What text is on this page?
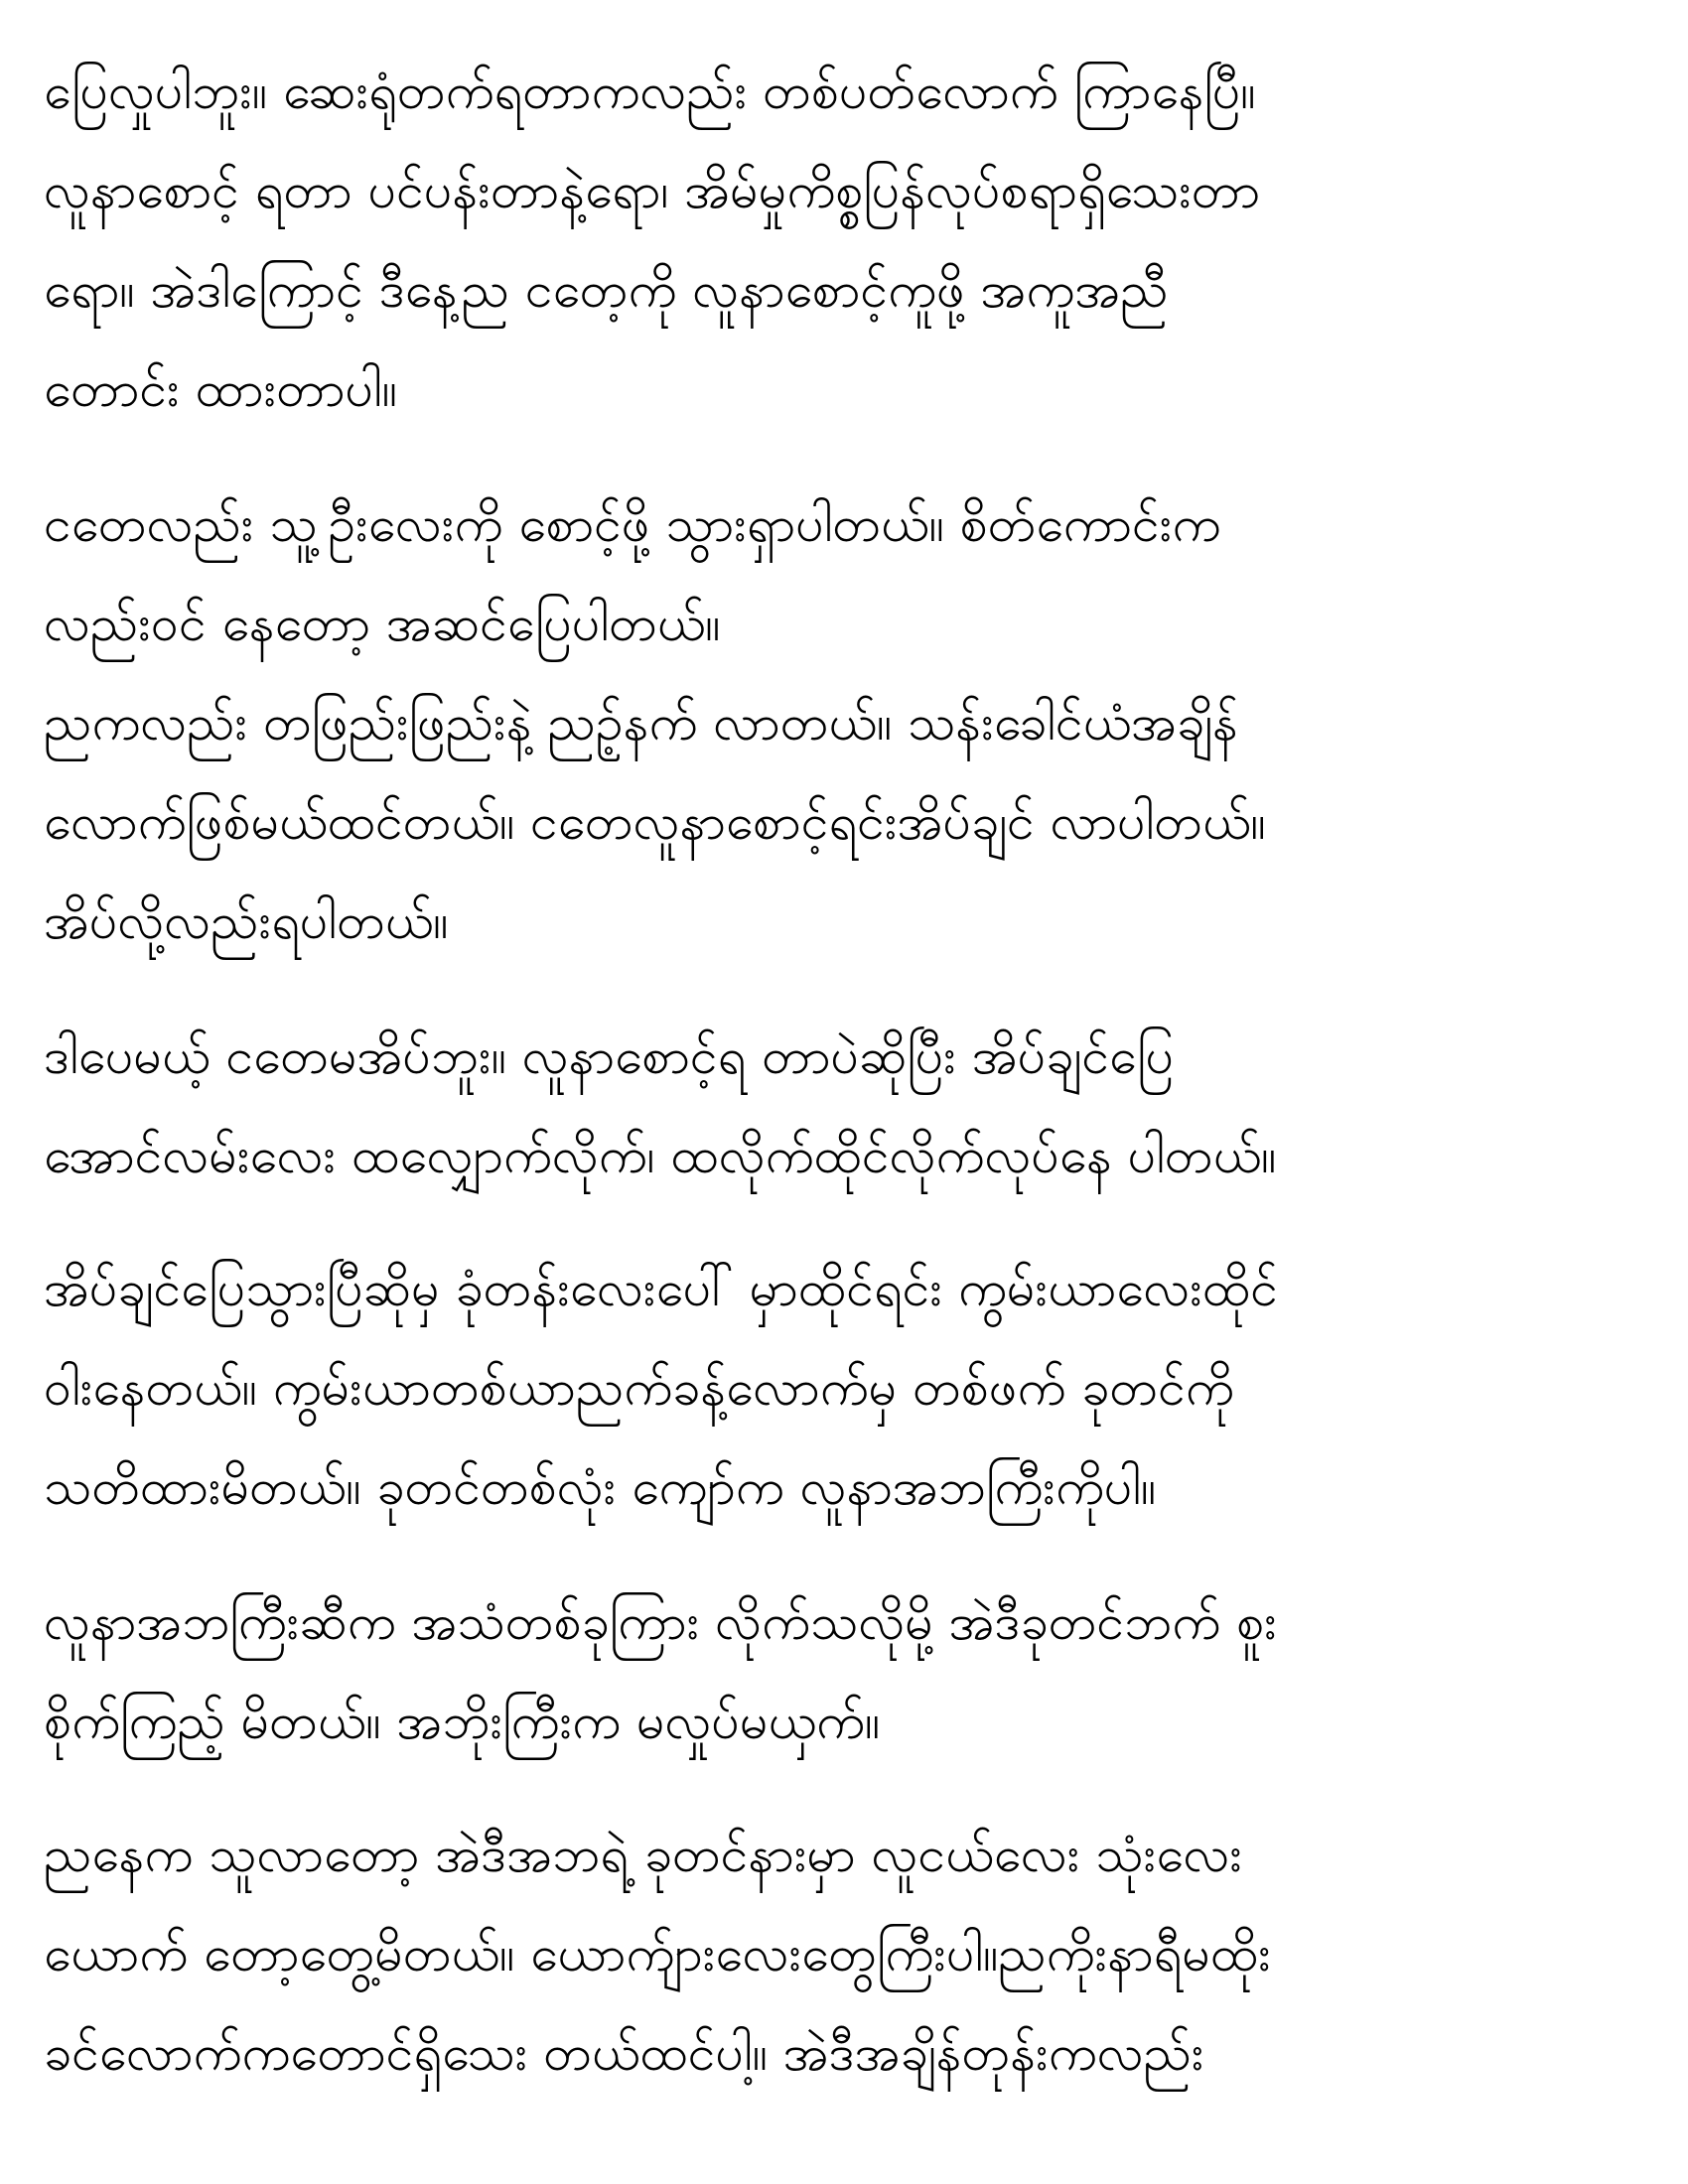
ပြေလှုပါဘူး။ ဆေးရုံတက်ရတာကလည်း တစ်ပတ်လောက် ကြာနေပြီ။
လူနာစောင့် ရတာ ပင်ပန်းတာနဲ့ရော၊ အိမ်မှုကိစ္စပြန်လုပ်စရာရှိသေးတာ
ရော။ အဲဒါကြောင့် ဒီနေ့ည ငတေ့ကို လူနာစောင့်ကူဖို့ အကူအညီ
တောင်း ထားတာပါ။
ငတေလည်း သူ့ဦးလေးကို စောင့်ဖို့ သွားရှာပါတယ်။ စိတ်ကောင်းက
လည်းဝင် နေတော့ အဆင်ပြေပါတယ်။
ညကလည်း တဖြည်းဖြည်းနဲ့ ညဥ့်နက် လာတယ်။ သန်းခေါင်ယံအချိန်
လောက်ဖြစ်မယ်ထင်တယ်။ ငတေလူနာစောင့်ရင်းအိပ်ချင် လာပါတယ်။
အိပ်လို့လည်းရပါတယ်။
ဒါပေမယ့် ငတေမအိပ်ဘူး။ လူနာစောင့်ရ တာပဲဆိုပြီး အိပ်ချင်ပြေ
အောင်လမ်းလေး ထလျှောက်လိုက်၊ ထလိုက်ထိုင်လိုက်လုပ်နေ ပါတယ်။
အိပ်ချင်ပြေသွားပြီဆိုမှ ခုံတန်းလေးပေါ် မှာထိုင်ရင်း ကွမ်းယာလေးထိုင်
ဝါးနေတယ်။ ကွမ်းယာတစ်ယာညက်ခန့်လောက်မှ တစ်ဖက် ခုတင်ကို
သတိထားမိတယ်။ ခုတင်တစ်လုံး ကျော်က လူနာအဘကြီးကိုပါ။
လူနာအဘကြီးဆီက အသံတစ်ခုကြား လိုက်သလိုမို့ အဲဒီခုတင်ဘက် စူး
စိုက်ကြည့် မိတယ်။ အဘိုးကြီးက မလှုပ်မယှက်။
ညနေက သူလာတော့ အဲဒီအဘရဲ့ ခုတင်နားမှာ လူငယ်လေး သုံးလေး
ယောက် တော့တွေ့မိတယ်။ ယောက်ျားလေးတွေကြီးပါ။ညကိုးနာရီမထိုး
ခင်လောက်ကတောင်ရှိသေး တယ်ထင်ပါ့။ အဲဒီအချိန်တုန်းကလည်း
